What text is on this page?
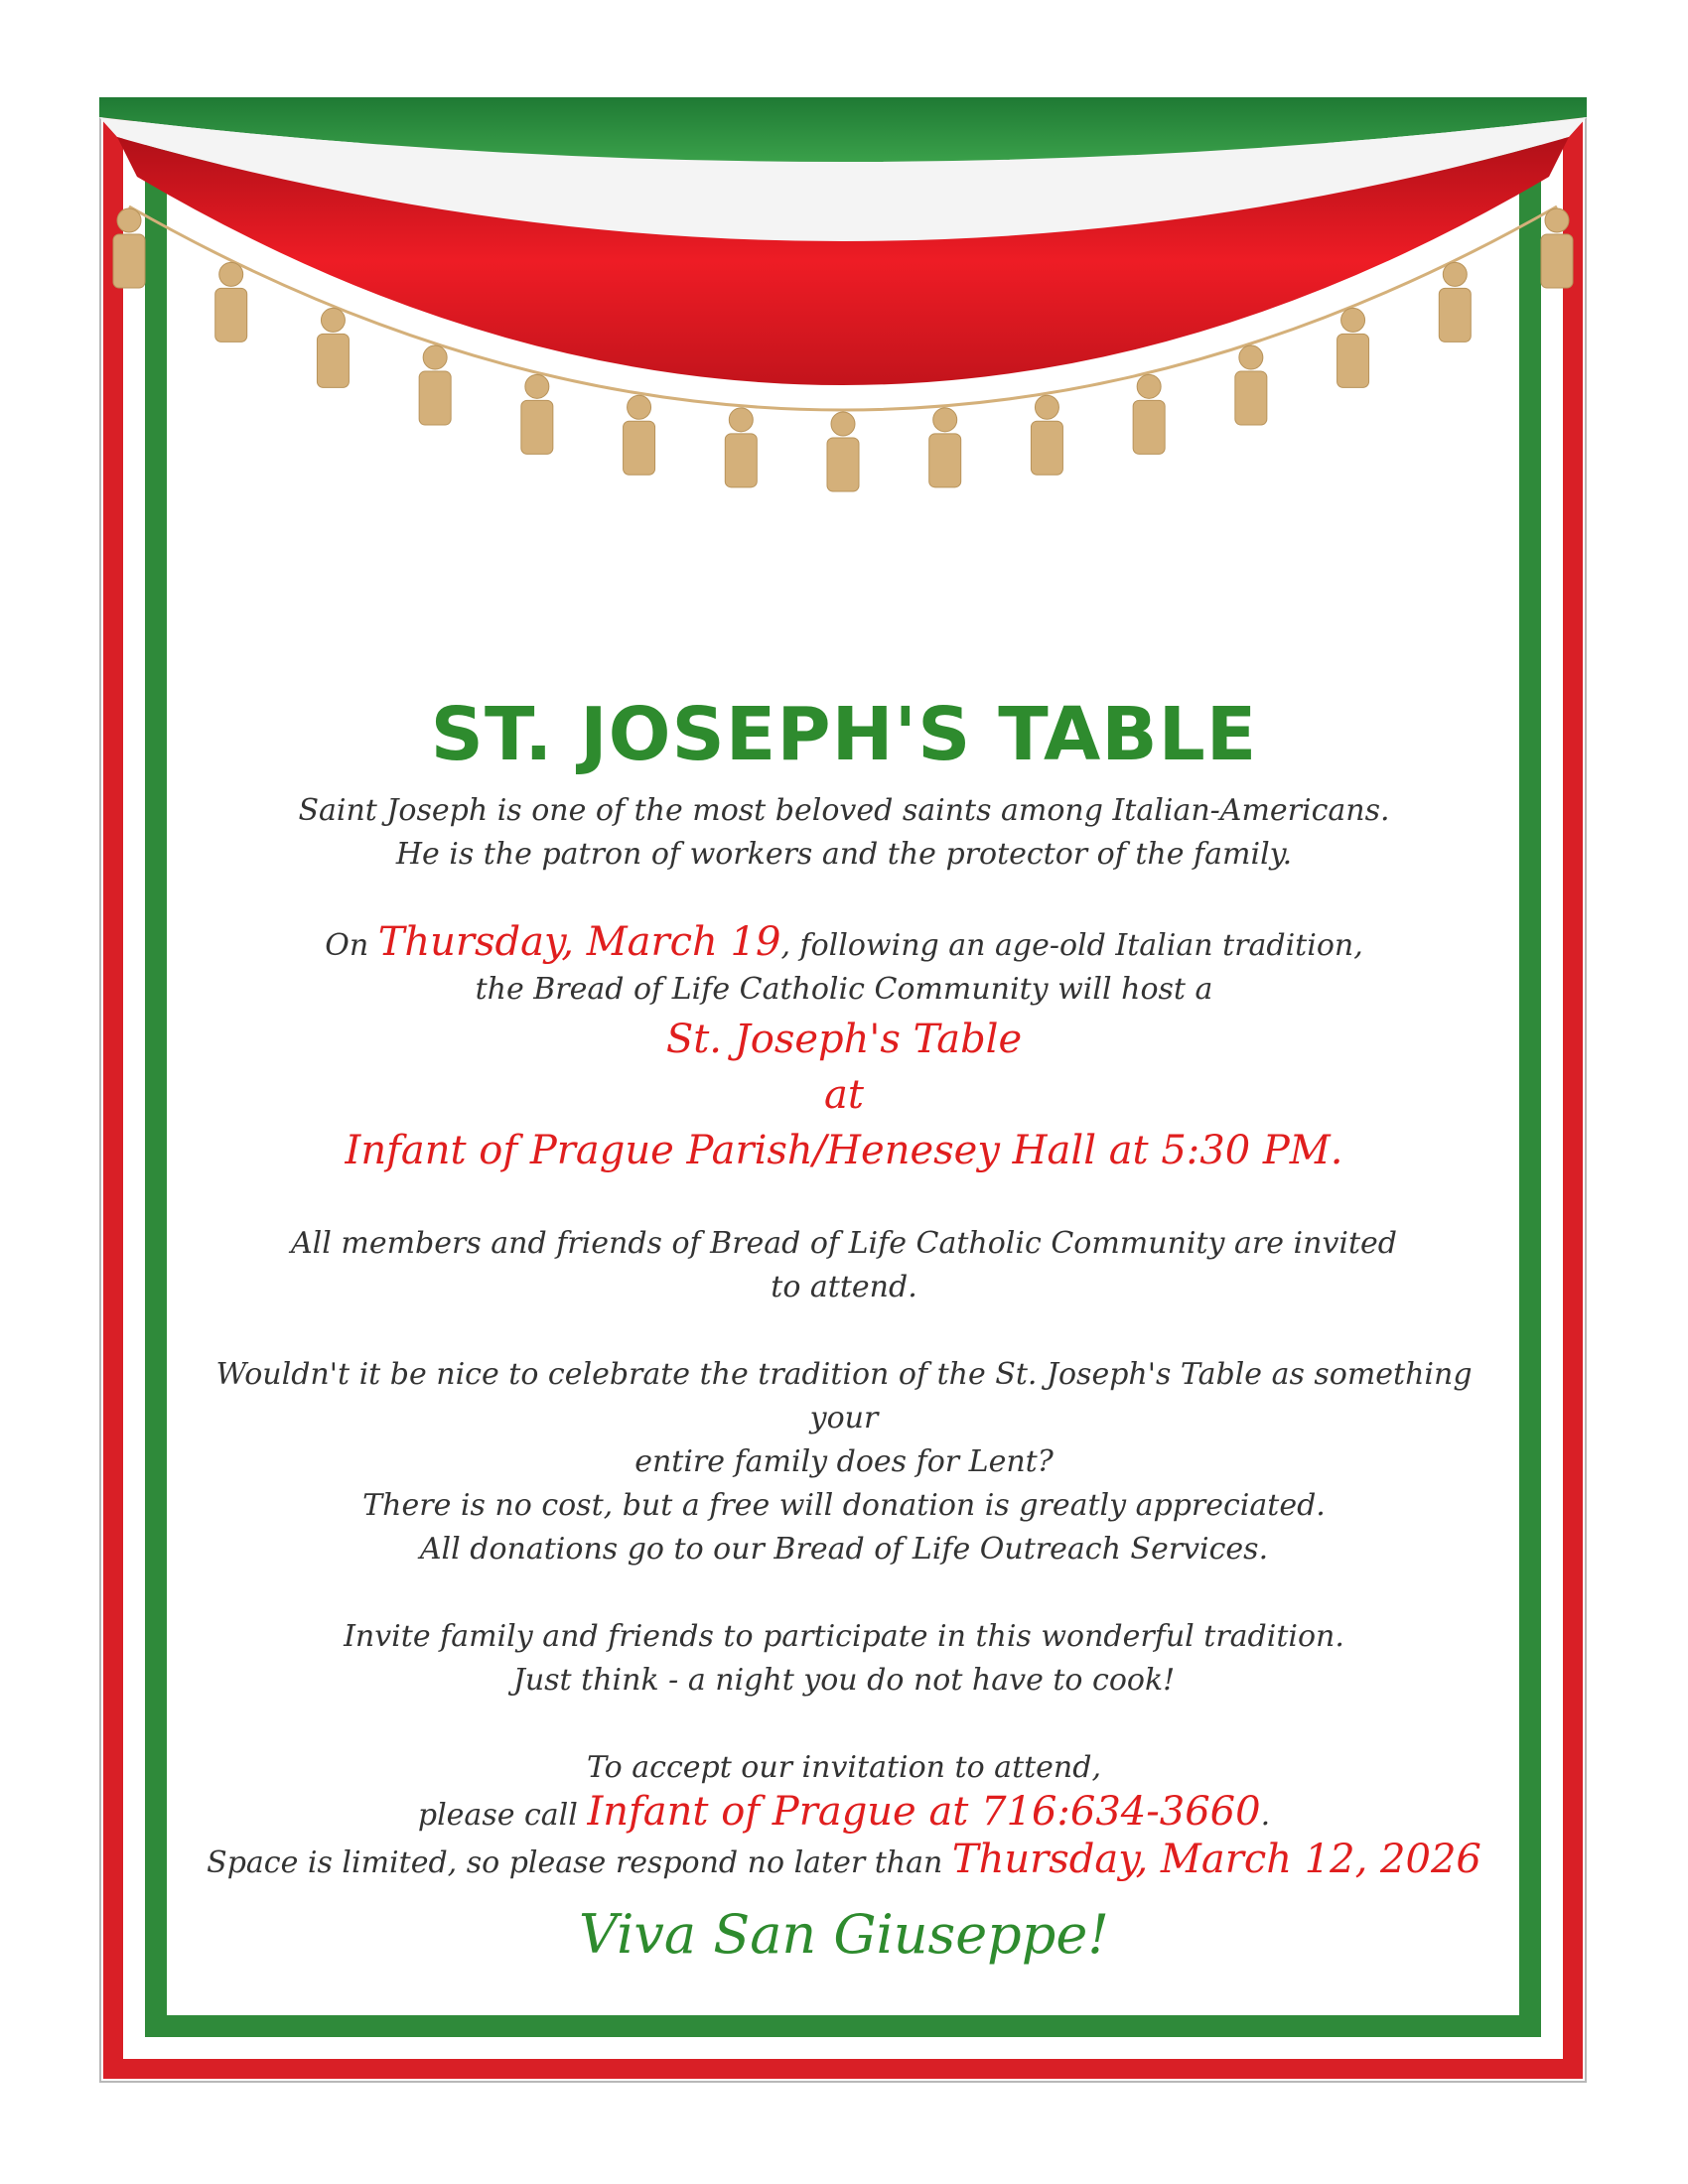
ST. JOSEPH'S TABLE

Saint Joseph is one of the most beloved saints among Italian-Americans.

He is the patron of workers and the protector of the family.

On Thursday, March 19, following an age-old Italian tradition,

the Bread of Life Catholic Community will host a

St. Joseph's Table

at

Infant of Prague Parish/Henesey Hall at 5:30 PM.

All members and friends of Bread of Life Catholic Community are invited

to attend.

Wouldn't it be nice to celebrate the tradition of the St. Joseph's Table as something your

entire family does for Lent?

There is no cost, but a free will donation is greatly appreciated.

All donations go to our Bread of Life Outreach Services.

Invite family and friends to participate in this wonderful tradition.

Just think - a night you do not have to cook!

To accept our invitation to attend,

please call Infant of Prague at 716:634-3660.

Space is limited, so please respond no later than Thursday, March 12, 2026

Viva San Giuseppe!
